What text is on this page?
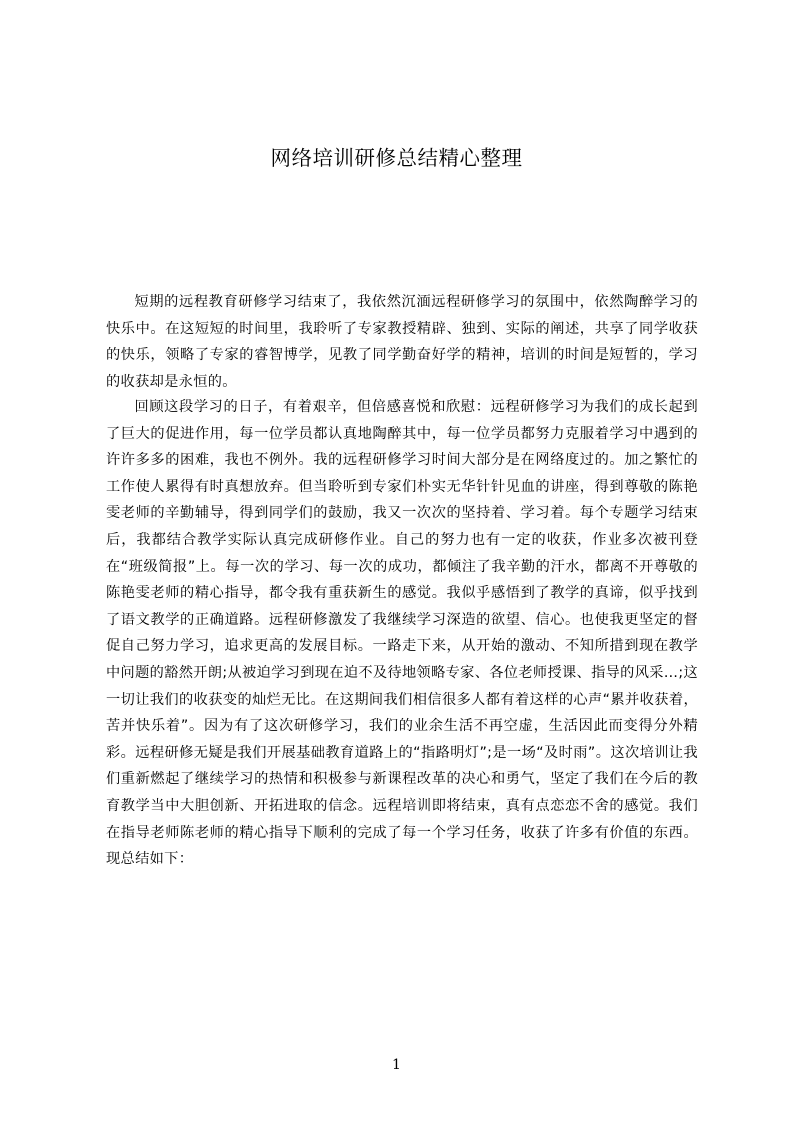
网络培训研修总结精心整理

短期的远程教育研修学习结束了，我依然沉湎远程研修学习的氛围中，依然陶醉学习的快乐中。在这短短的时间里，我聆听了专家教授精辟、独到、实际的阐述，共享了同学收获的快乐，领略了专家的睿智博学，见教了同学勤奋好学的精神，培训的时间是短暂的，学习的收获却是永恒的。

回顾这段学习的日子，有着艰辛，但倍感喜悦和欣慰：远程研修学习为我们的成长起到了巨大的促进作用，每一位学员都认真地陶醉其中，每一位学员都努力克服着学习中遇到的许许多多的困难，我也不例外。我的远程研修学习时间大部分是在网络度过的。加之繁忙的工作使人累得有时真想放弃。但当聆听到专家们朴实无华针针见血的讲座，得到尊敬的陈艳雯老师的辛勤辅导，得到同学们的鼓励，我又一次次的坚持着、学习着。每个专题学习结束后，我都结合教学实际认真完成研修作业。自己的努力也有一定的收获，作业多次被刊登在“班级简报”上。每一次的学习、每一次的成功，都倾注了我辛勤的汗水，都离不开尊敬的陈艳雯老师的精心指导，都令我有重获新生的感觉。我似乎感悟到了教学的真谛，似乎找到了语文教学的正确道路。远程研修激发了我继续学习深造的欲望、信心。也使我更坚定的督促自己努力学习，追求更高的发展目标。一路走下来，从开始的激动、不知所措到现在教学中问题的豁然开朗;从被迫学习到现在迫不及待地领略专家、各位老师授课、指导的风采…;这一切让我们的收获变的灿烂无比。在这期间我们相信很多人都有着这样的心声“累并收获着，苦并快乐着”。因为有了这次研修学习，我们的业余生活不再空虚，生活因此而变得分外精彩。远程研修无疑是我们开展基础教育道路上的“指路明灯”;是一场“及时雨”。这次培训让我们重新燃起了继续学习的热情和积极参与新课程改革的决心和勇气，坚定了我们在今后的教育教学当中大胆创新、开拓进取的信念。远程培训即将结束，真有点恋恋不舍的感觉。我们在指导老师陈老师的精心指导下顺利的完成了每一个学习任务，收获了许多有价值的东西。现总结如下：

1
